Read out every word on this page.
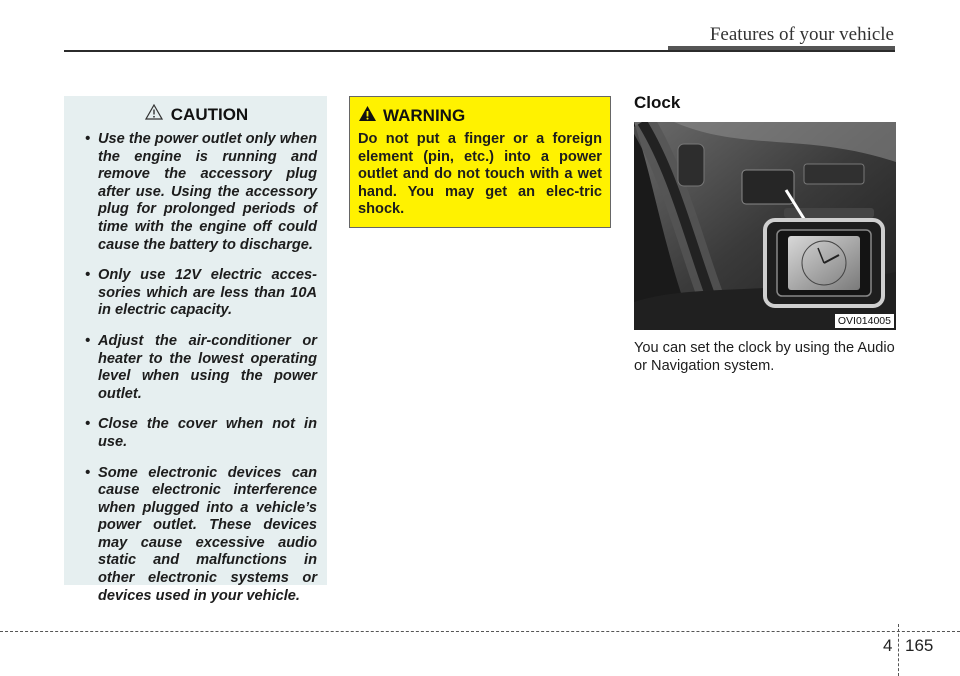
Features of your vehicle
CAUTION
• Use the power outlet only when the engine is running and remove the accessory plug after use. Using the accessory plug for prolonged periods of time with the engine off could cause the battery to discharge.
• Only use 12V electric acces-sories which are less than 10A in electric capacity.
• Adjust the air-conditioner or heater to the lowest operating level when using the power outlet.
• Close the cover when not in use.
• Some electronic devices can cause electronic interference when plugged into a vehicle’s power outlet. These devices may cause excessive audio static and malfunctions in other electronic systems or devices used in your vehicle.
WARNING
Do not put a finger or a foreign element (pin, etc.) into a power outlet and do not touch with a wet hand. You may get an elec-tric shock.
Clock
OVI014005
You can set the clock by using the Audio or Navigation system.
4 165
